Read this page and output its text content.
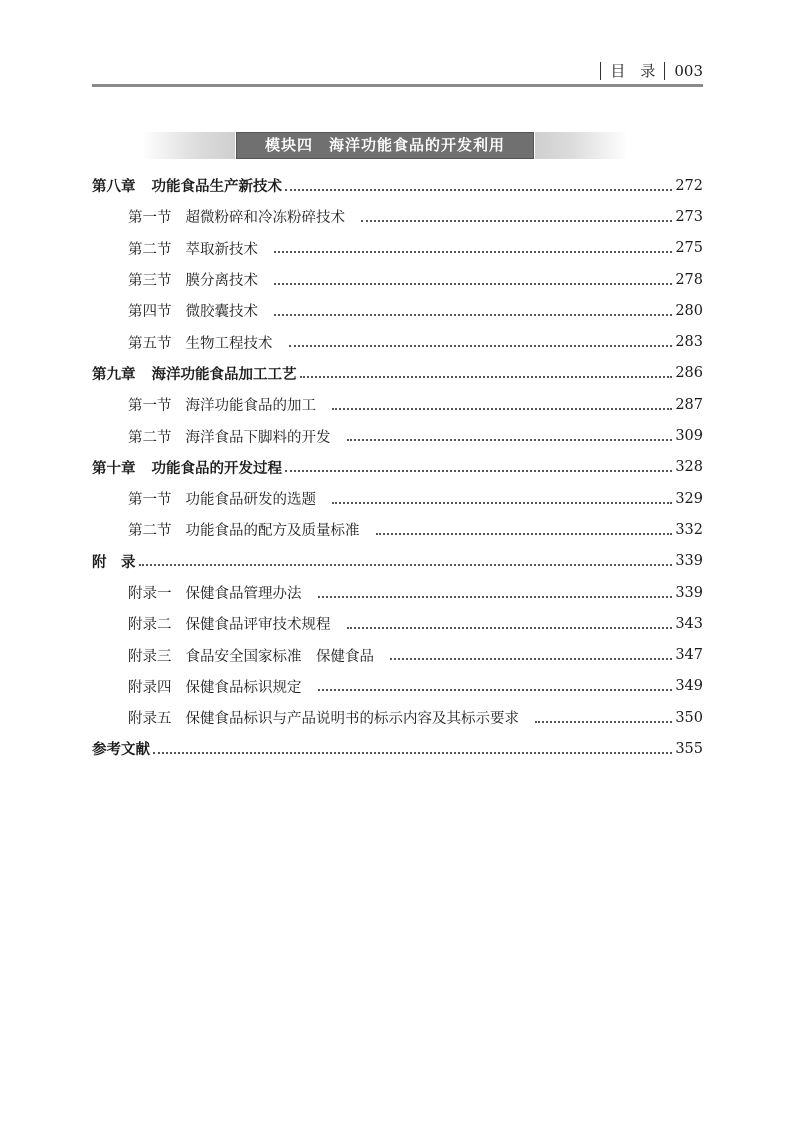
目　录 003
模块四　海洋功能食品的开发利用
第八章 功能食品生产新技术	272
第一节 超微粉碎和冷冻粉碎技术	273
第二节 萃取新技术	275
第三节 膜分离技术	278
第四节 微胶囊技术	280
第五节 生物工程技术	283
第九章 海洋功能食品加工工艺	286
第一节 海洋功能食品的加工	287
第二节 海洋食品下脚料的开发	309
第十章 功能食品的开发过程	328
第一节 功能食品研发的选题	329
第二节 功能食品的配方及质量标准	332
附　录	339
附录一 保健食品管理办法	339
附录二 保健食品评审技术规程	343
附录三 食品安全国家标准　保健食品	347
附录四 保健食品标识规定	349
附录五 保健食品标识与产品说明书的标示内容及其标示要求	350
参考文献	355
